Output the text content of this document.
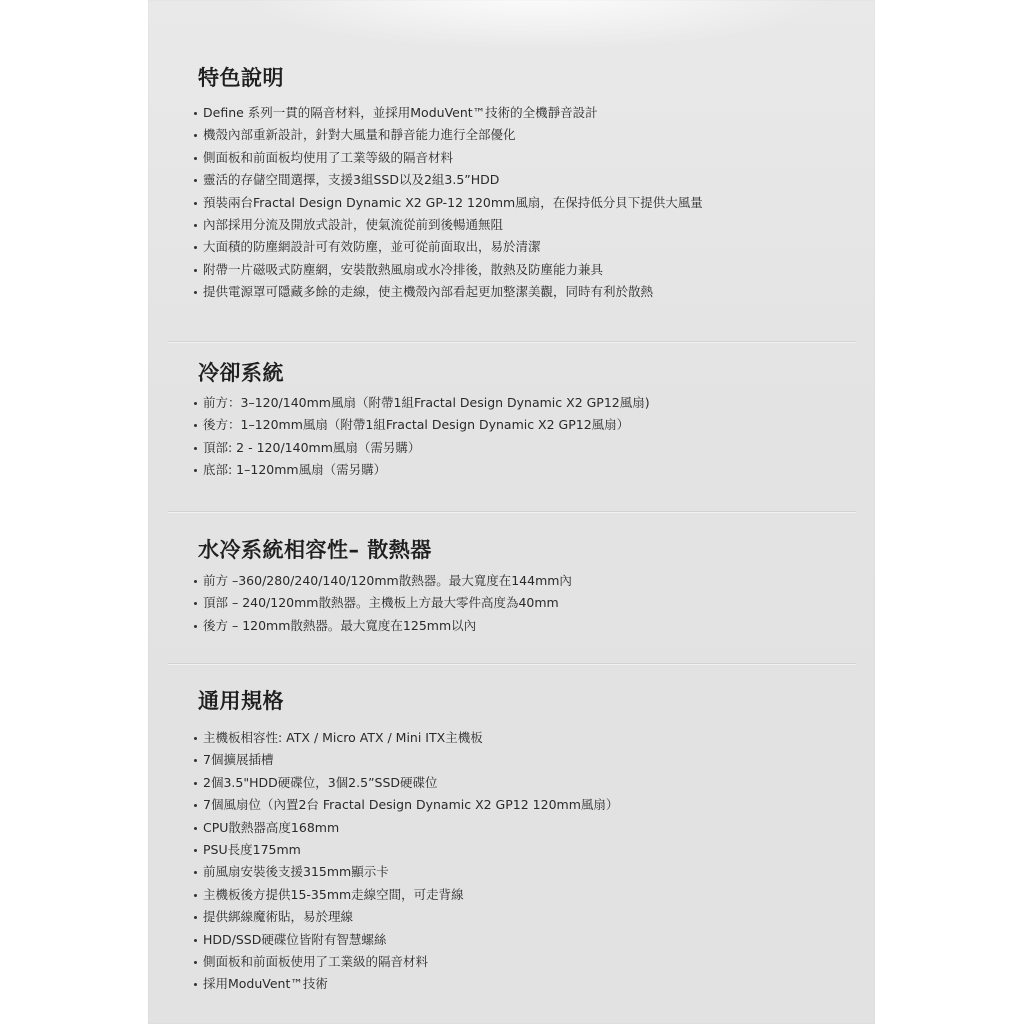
特色說明
Define 系列一貫的隔音材料，並採用ModuVent™技術的全機靜音設計
機殼內部重新設計，針對大風量和靜音能力進行全部優化
側面板和前面板均使用了工業等級的隔音材料
靈活的存儲空間選擇，支援3組SSD以及2組3.5”HDD
預裝兩台Fractal Design Dynamic X2 GP-12 120mm風扇，在保持低分貝下提供大風量
內部採用分流及開放式設計，使氣流從前到後暢通無阻
大面積的防塵網設計可有效防塵，並可從前面取出，易於清潔
附帶一片磁吸式防塵網，安裝散熱風扇或水冷排後，散熱及防塵能力兼具
提供電源罩可隱藏多餘的走線，使主機殼內部看起更加整潔美觀，同時有利於散熱
冷卻系統
前方：3–120/140mm風扇（附帶1組Fractal Design Dynamic X2 GP12風扇)
後方：1–120mm風扇（附帶1組Fractal Design Dynamic X2 GP12風扇）
頂部: 2 - 120/140mm風扇（需另購）
底部: 1–120mm風扇（需另購）
水冷系統相容性– 散熱器
前方 –360/280/240/140/120mm散熱器。最大寬度在144mm內
頂部 – 240/120mm散熱器。主機板上方最大零件高度為40mm
後方 – 120mm散熱器。最大寬度在125mm以內
通用規格
主機板相容性: ATX / Micro ATX / Mini ITX主機板
7個擴展插槽
2個3.5"HDD硬碟位，3個2.5”SSD硬碟位
7個風扇位（內置2台 Fractal Design Dynamic X2 GP12 120mm風扇）
CPU散熱器高度168mm
PSU長度175mm
前風扇安裝後支援315mm顯示卡
主機板後方提供15-35mm走線空間，可走背線
提供綁線魔術貼，易於理線
HDD/SSD硬碟位皆附有智慧螺絲
側面板和前面板使用了工業級的隔音材料
採用ModuVent™技術
